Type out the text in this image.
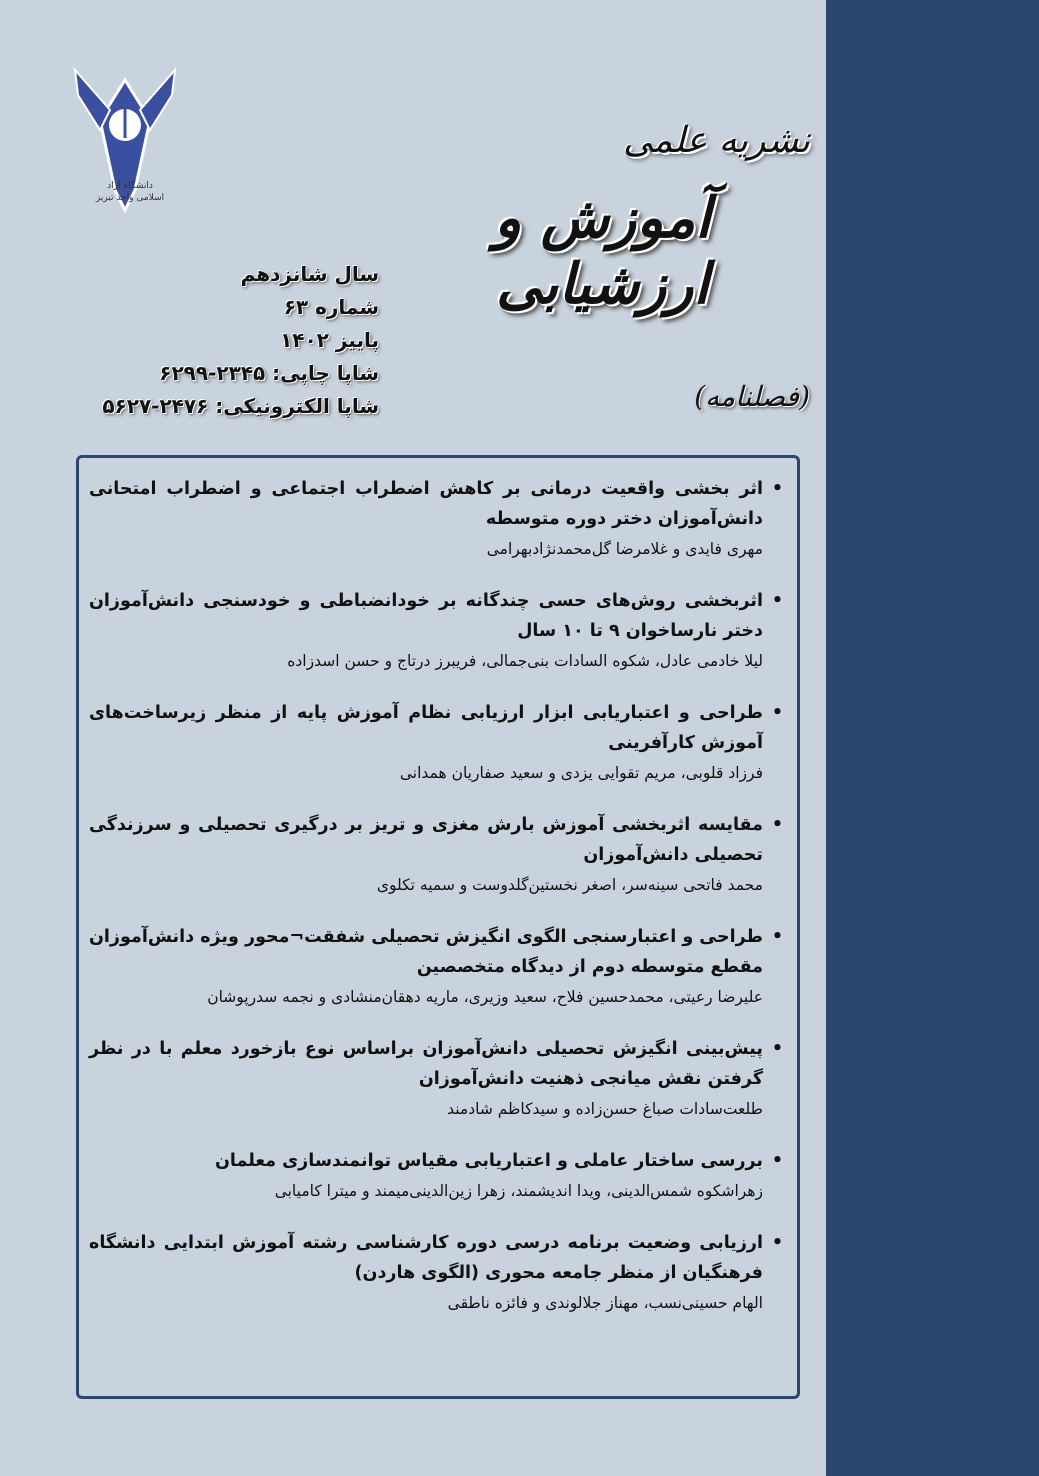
دانشگاه آزاد اسلامی واحد تبریز
نشریه علمی
آموزش و ارزشیابی
(فصلنامه)
سال شانزدهم
شماره ۶۳
پاییز ۱۴۰۲
شاپا چاپی: ۲۳۴۵-۶۲۹۹
شاپا الکترونیکی: ۲۴۷۶-۵۶۲۷
• اثر بخشی واقعیت درمانی بر کاهش اضطراب اجتماعی و اضطراب امتحانی دانش‌آموزان دختر دوره متوسطه
مهری فایدی و غلامرضا گل‌محمدنژادبهرامی
• اثربخشی روش‌های حسی چندگانه بر خودانضباطی و خودسنجی دانش‌آموزان دختر نارساخوان ۹ تا ۱۰ سال
لیلا خادمی عادل، شکوه السادات بنی‌جمالی، فریبرز درتاج و حسن اسدزاده
• طراحی و اعتباریابی ابزار ارزیابی نظام آموزش پایه از منظر زیرساخت‌های آموزش کارآفرینی
فرزاد قلوبی، مریم تقوایی یزدی و سعید صفاریان همدانی
• مقایسه اثربخشی آموزش بارش مغزی و تریز بر درگیری تحصیلی و سرزندگی تحصیلی دانش‌آموزان
محمد فاتحی سینه‌سر، اصغر نخستین‌گلدوست و سمیه تکلوی
• طراحی و اعتبارسنجی الگوی انگیزش تحصیلی شفقت¬محور ویژه دانش‌آموزان مقطع متوسطه دوم از دیدگاه متخصصین
علیرضا رعیتی، محمدحسین فلاح، سعید وزیری، ماریه دهقان‌منشادی و نجمه سدرپوشان
• پیش‌بینی انگیزش تحصیلی دانش‌آموزان براساس نوع بازخورد معلم با در نظر گرفتن نقش میانجی ذهنیت دانش‌آموزان
طلعت‌سادات صباغ حسن‌زاده و سیدکاظم شادمند
• بررسی ساختار عاملی و اعتباریابی مقیاس توانمندسازی معلمان
زهراشکوه شمس‌الدینی، ویدا اندیشمند، زهرا زین‌الدینی‌میمند و میترا کامیابی
• ارزیابی وضعیت برنامه درسی دوره کارشناسی رشته آموزش ابتدایی دانشگاه فرهنگیان از منظر جامعه محوری (الگوی هاردن)
الهام حسینی‌نسب، مهناز جلالوندی و فائزه ناطقی
